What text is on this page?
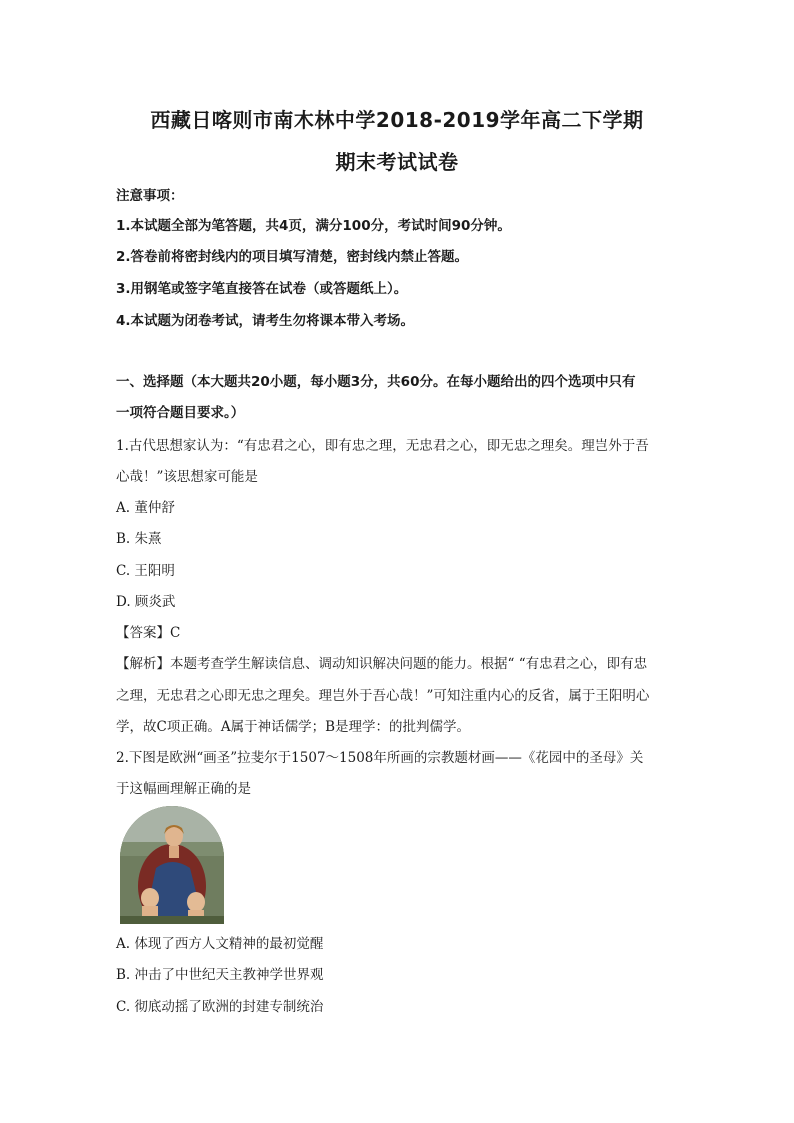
西藏日喀则市南木林中学2018-2019学年高二下学期
期末考试试卷
注意事项：
1.本试题全部为笔答题，共4页，满分100分，考试时间90分钟。
2.答卷前将密封线内的项目填写清楚，密封线内禁止答题。
3.用钢笔或签字笔直接答在试卷（或答题纸上）。
4.本试题为闭卷考试，请考生勿将课本带入考场。
一、选择题（本大题共20小题，每小题3分，共60分。在每小题给出的四个选项中只有
一项符合题目要求。）
1.古代思想家认为：“有忠君之心，即有忠之理，无忠君之心，即无忠之理矣。理岂外于吾
心哉！”该思想家可能是
A. 董仲舒
B. 朱熹
C. 王阳明
D. 顾炎武
【答案】C
【解析】本题考查学生解读信息、调动知识解决问题的能力。根据“ “有忠君之心，即有忠
之理，无忠君之心即无忠之理矣。理岂外于吾心哉！”可知注重内心的反省，属于王阳明心
学，故C项正确。A属于神话儒学；B是理学：的批判儒学。
2.下图是欧洲“画圣”拉斐尔于1507～1508年所画的宗教题材画——《花园中的圣母》关
于这幅画理解正确的是
A. 体现了西方人文精神的最初觉醒
B. 冲击了中世纪天主教神学世界观
C. 彻底动摇了欧洲的封建专制统治
